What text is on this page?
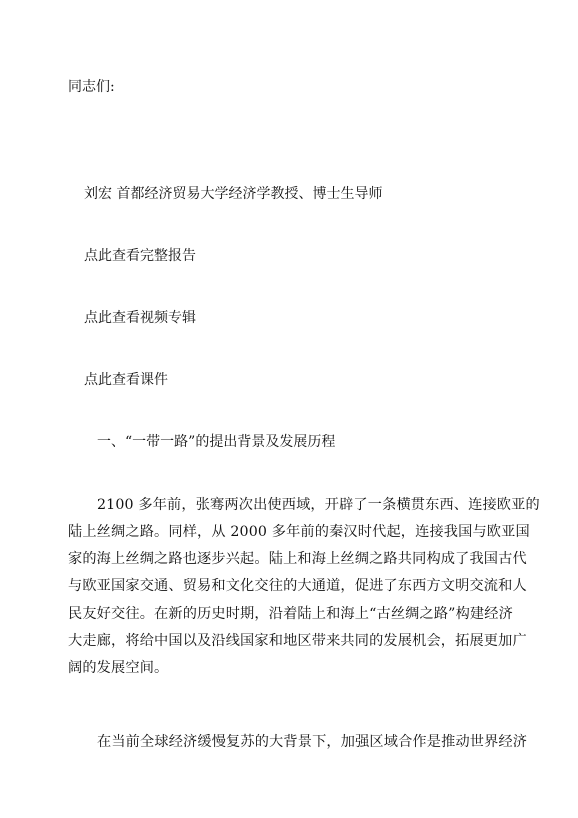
同志们:

刘宏 首都经济贸易大学经济学教授、博士生导师

点此查看完整报告

点此查看视频专辑

点此查看课件

一、“一带一路”的提出背景及发展历程

2100 多年前，张骞两次出使西域，开辟了一条横贯东西、连接欧亚的

陆上丝绸之路。同样，从 2000 多年前的秦汉时代起，连接我国与欧亚国

家的海上丝绸之路也逐步兴起。陆上和海上丝绸之路共同构成了我国古代

与欧亚国家交通、贸易和文化交往的大通道，促进了东西方文明交流和人

民友好交往。在新的历史时期，沿着陆上和海上“古丝绸之路”构建经济

大走廊，将给中国以及沿线国家和地区带来共同的发展机会，拓展更加广

阔的发展空间。

在当前全球经济缓慢复苏的大背景下，加强区域合作是推动世界经济
